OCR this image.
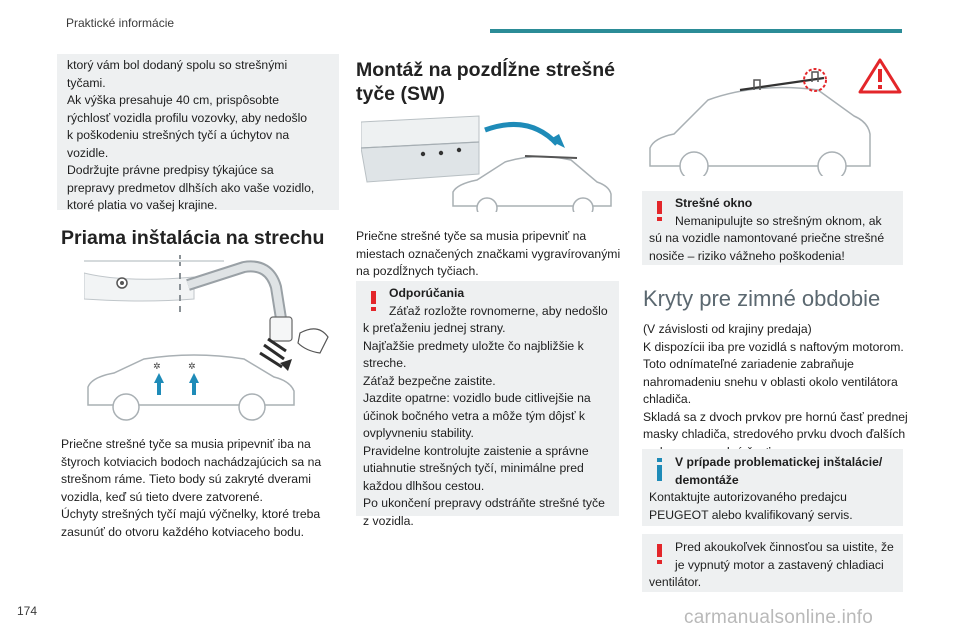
Praktické informácie
ktorý vám bol dodaný spolu so strešnými
tyčami.
Ak výška presahuje 40 cm, prispôsobte
rýchlosť vozidla profilu vozovky, aby nedošlo
k poškodeniu strešných tyčí a úchytov na
vozidle.
Dodržujte právne predpisy týkajúce sa
prepravy predmetov dlhších ako vaše vozidlo,
ktoré platia vo vašej krajine.
Priama inštalácia na strechu
✲	✲
Priečne strešné tyče sa musia pripevniť iba na
štyroch kotviacich bodoch nachádzajúcich sa na
strešnom ráme. Tieto body sú zakryté dverami
vozidla, keď sú tieto dvere zatvorené.
Úchyty strešných tyčí majú výčnelky, ktoré treba
zasunúť do otvoru každého kotviaceho bodu.
Montáž na pozdĺžne strešné
tyče (SW)
Priečne strešné tyče sa musia pripevniť na
miestach označených značkami vygravírovanými
na pozdĺžnych tyčiach.
Odporúčania
Záťaž rozložte rovnomerne, aby nedošlo
k preťaženiu jednej strany.
Najťažšie predmety uložte čo najbližšie k
streche.
Záťaž bezpečne zaistite.
Jazdite opatrne: vozidlo bude citlivejšie na
účinok bočného vetra a môže tým dôjsť k
ovplyvneniu stability.
Pravidelne kontrolujte zaistenie a správne
utiahnutie strešných tyčí, minimálne pred
každou dlhšou cestou.
Po ukončení prepravy odstráňte strešné tyče
z vozidla.
Strešné okno
Nemanipulujte so strešným oknom, ak
sú na vozidle namontované priečne strešné
nosiče – riziko vážneho poškodenia!
Kryty pre zimné obdobie
(V závislosti od krajiny predaja)
K dispozícii iba pre vozidlá s naftovým motorom.
Toto odnímateľné zariadenie zabraňuje
nahromadeniu snehu v oblasti okolo ventilátora
chladiča.
Skladá sa z dvoch prvkov pre hornú časť prednej
masky chladiča, stredového prvku dvoch ďalších
V prípade problematickej inštalácie/
demontáže
Kontaktujte autorizovaného predajcu
PEUGEOT alebo kvalifikovaný servis.
Pred akoukoľvek činnosťou sa uistite, že
je vypnutý motor a zastavený chladiaci
ventilátor.
174	carmanualsonline.info
